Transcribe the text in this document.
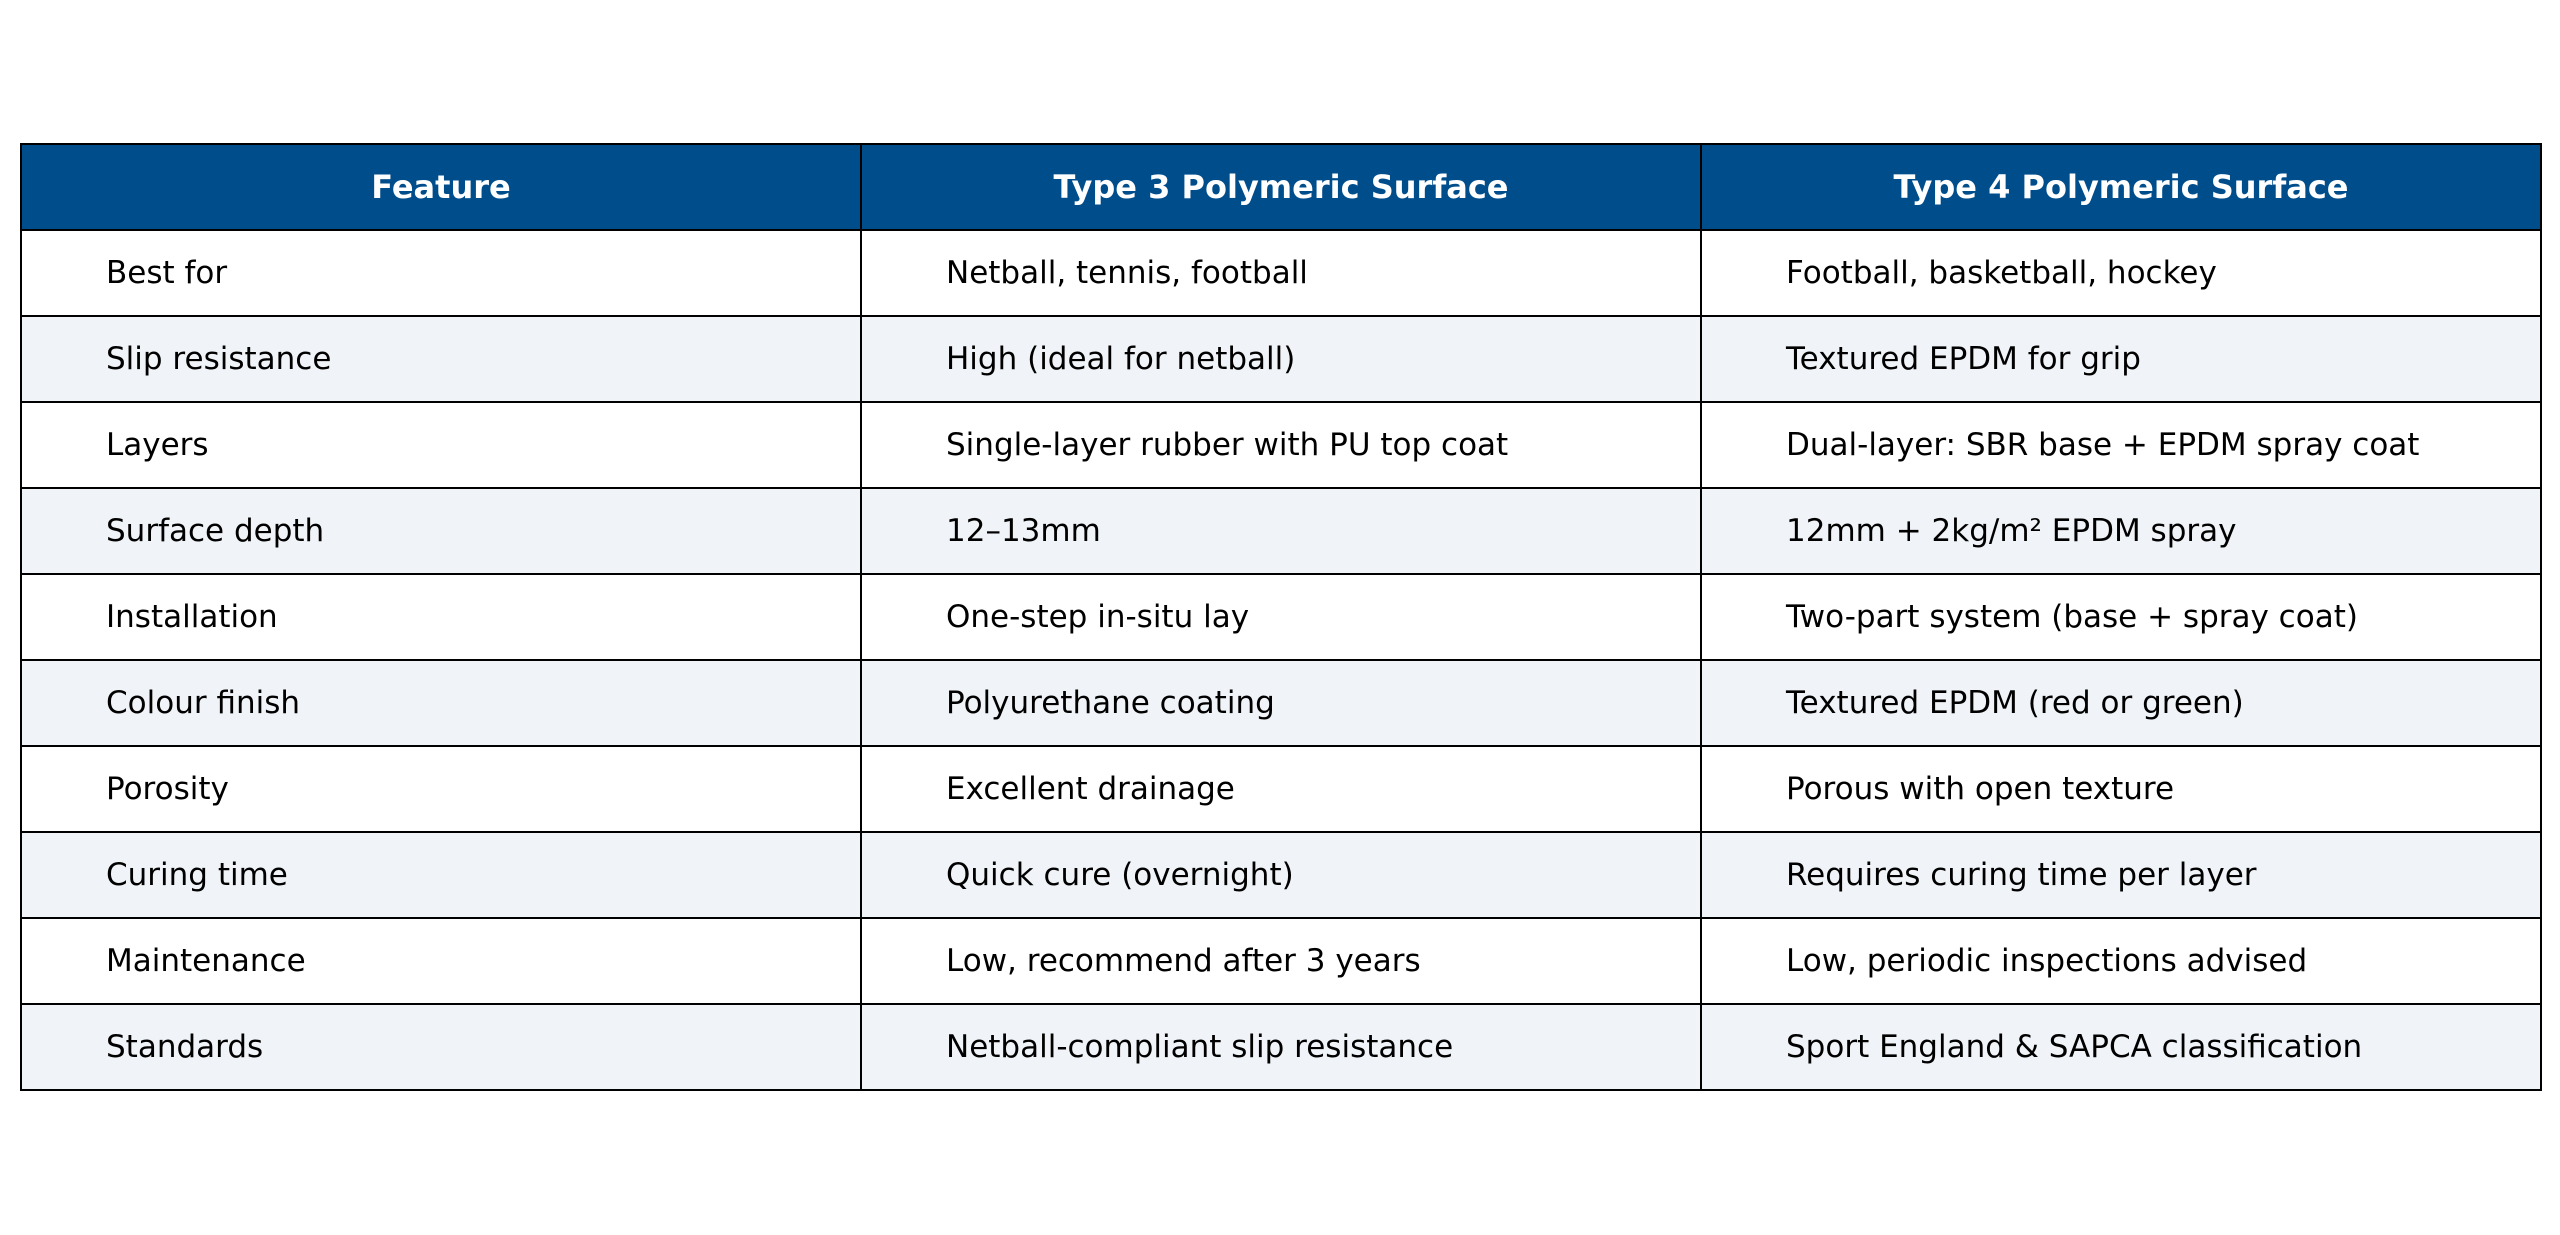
Feature	Type 3 Polymeric Surface	Type 4 Polymeric Surface
Best for	Netball, tennis, football	Football, basketball, hockey
Slip resistance	High (ideal for netball)	Textured EPDM for grip
Layers	Single-layer rubber with PU top coat	Dual-layer: SBR base + EPDM spray coat
Surface depth	12–13mm	12mm + 2kg/m² EPDM spray
Installation	One-step in-situ lay	Two-part system (base + spray coat)
Colour finish	Polyurethane coating	Textured EPDM (red or green)
Porosity	Excellent drainage	Porous with open texture
Curing time	Quick cure (overnight)	Requires curing time per layer
Maintenance	Low, recommend after 3 years	Low, periodic inspections advised
Standards	Netball-compliant slip resistance	Sport England & SAPCA classification
